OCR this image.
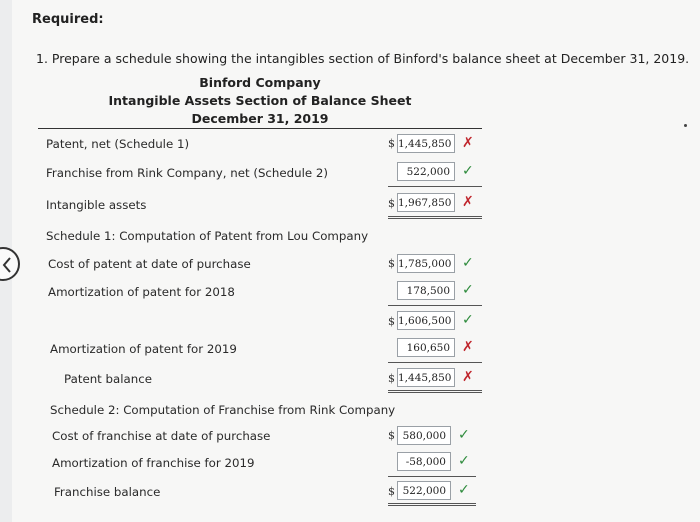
Required:
1. Prepare a schedule showing the intangibles section of Binford's balance sheet at December 31, 2019.
Binford Company
Intangible Assets Section of Balance Sheet
December 31, 2019
Patent, net (Schedule 1)	$ 1,445,850 ✗
Franchise from Rink Company, net (Schedule 2)	522,000 ✓
Intangible assets	$ 1,967,850 ✗
Schedule 1: Computation of Patent from Lou Company
Cost of patent at date of purchase	$ 1,785,000 ✓
Amortization of patent for 2018	178,500 ✓
$ 1,606,500 ✓
Amortization of patent for 2019	160,650 ✗
Patent balance	$ 1,445,850 ✗
Schedule 2: Computation of Franchise from Rink Company
Cost of franchise at date of purchase	$ 580,000 ✓
Amortization of franchise for 2019	-58,000 ✓
Franchise balance	$ 522,000 ✓
